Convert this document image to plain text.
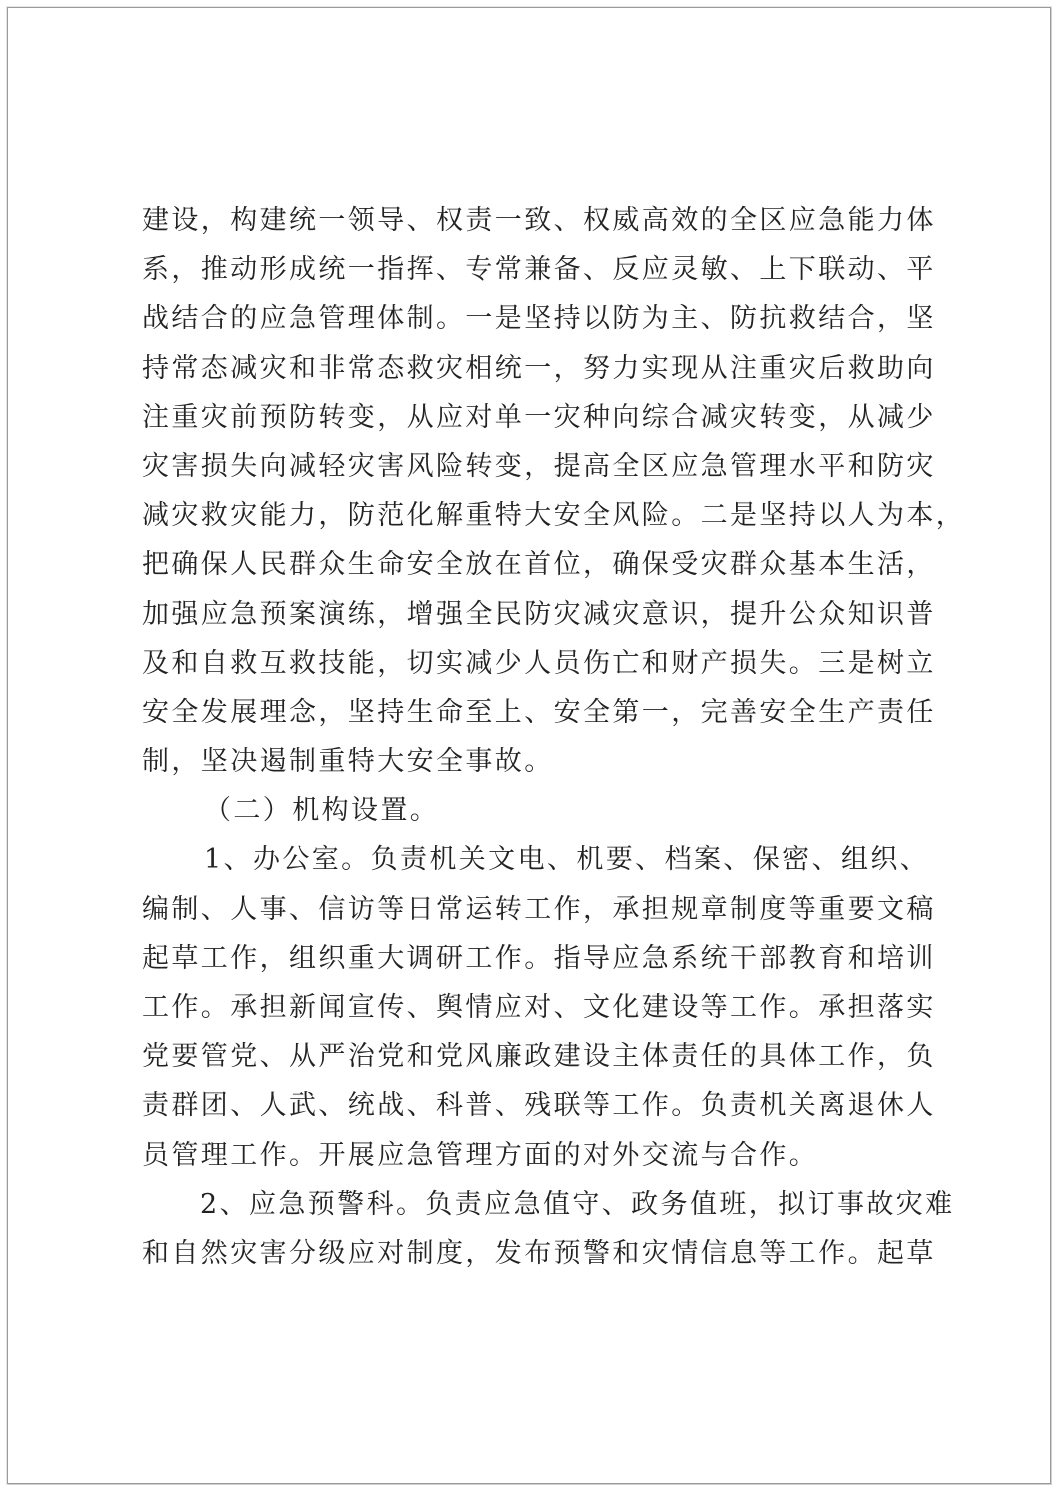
建设，构建统一领导、权责一致、权威高效的全区应急能力体
系，推动形成统一指挥、专常兼备、反应灵敏、上下联动、平
战结合的应急管理体制。一是坚持以防为主、防抗救结合，坚
持常态减灾和非常态救灾相统一，努力实现从注重灾后救助向
注重灾前预防转变，从应对单一灾种向综合减灾转变，从减少
灾害损失向减轻灾害风险转变，提高全区应急管理水平和防灾
减灾救灾能力，防范化解重特大安全风险。二是坚持以人为本，
把确保人民群众生命安全放在首位，确保受灾群众基本生活，
加强应急预案演练，增强全民防灾减灾意识，提升公众知识普
及和自救互救技能，切实减少人员伤亡和财产损失。三是树立
安全发展理念，坚持生命至上、安全第一，完善安全生产责任
制，坚决遏制重特大安全事故。
（二）机构设置。
1、办公室。负责机关文电、机要、档案、保密、组织、
编制、人事、信访等日常运转工作，承担规章制度等重要文稿
起草工作，组织重大调研工作。指导应急系统干部教育和培训
工作。承担新闻宣传、舆情应对、文化建设等工作。承担落实
党要管党、从严治党和党风廉政建设主体责任的具体工作，负
责群团、人武、统战、科普、残联等工作。负责机关离退休人
员管理工作。开展应急管理方面的对外交流与合作。
2、应急预警科。负责应急值守、政务值班，拟订事故灾难
和自然灾害分级应对制度，发布预警和灾情信息等工作。起草
